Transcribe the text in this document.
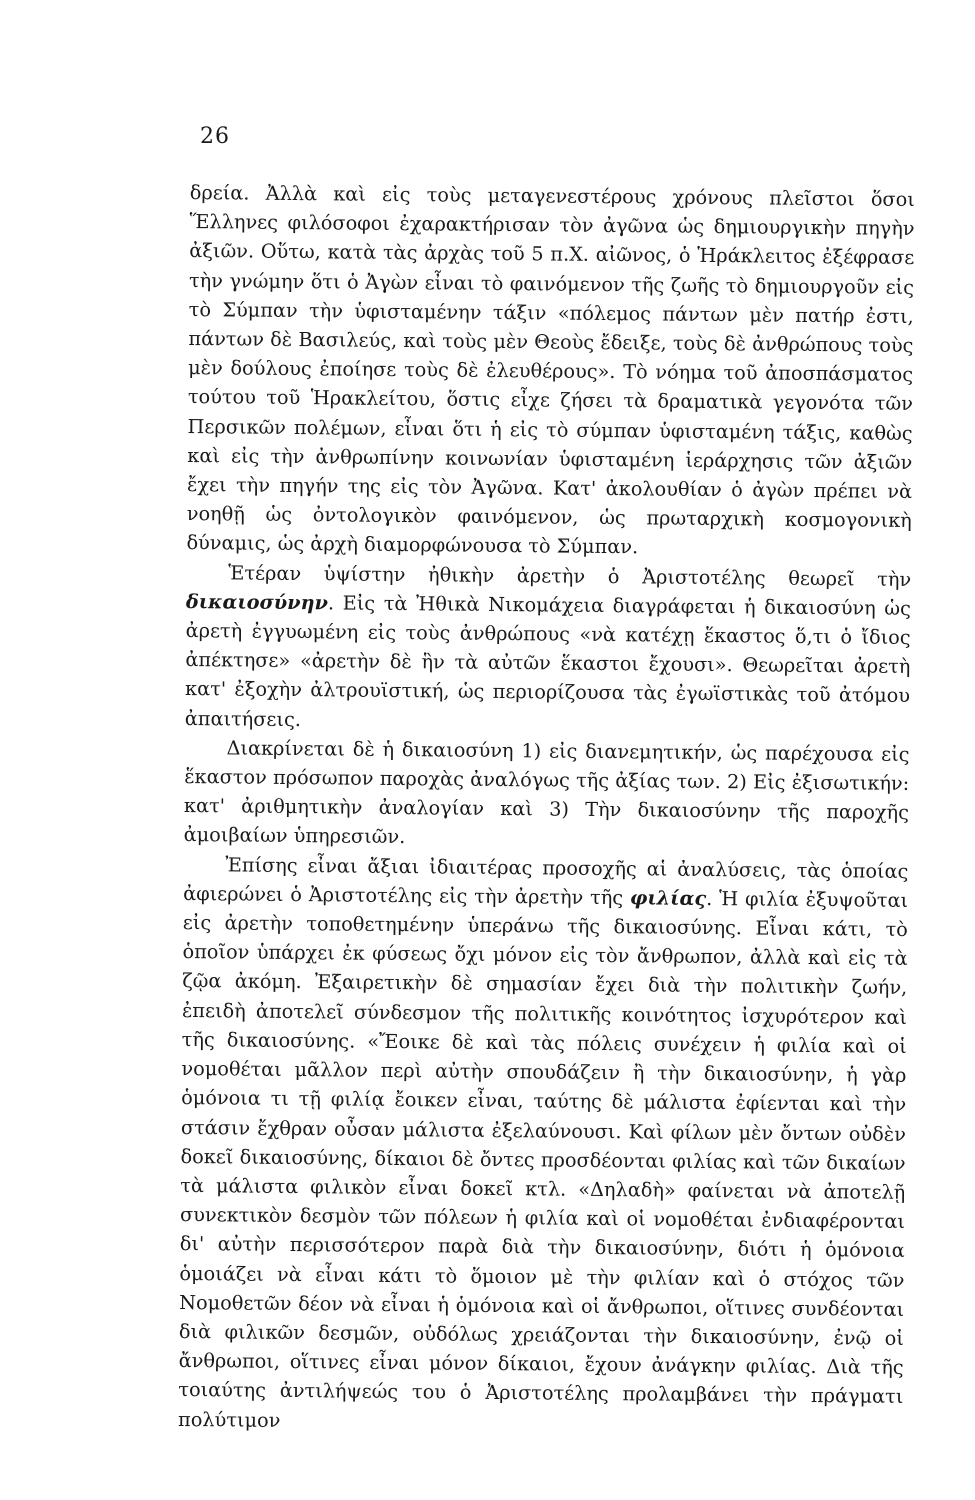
26

δρεία. Ἀλλὰ καὶ εἰς τοὺς μεταγενεστέρους χρόνους πλεῖστοι ὅσοι Ἕλληνες φιλόσοφοι ἐχαρακτήρισαν τὸν ἀγῶνα ὡς δημιουργικὴν πηγὴν ἀξιῶν. Οὕτω, κατὰ τὰς ἀρχὰς τοῦ 5 π.Χ. αἰῶνος, ὁ Ἡράκλειτος ἐξέφρασε τὴν γνώμην ὅτι ὁ Ἀγὼν εἶναι τὸ φαινόμενον τῆς ζωῆς τὸ δημιουργοῦν εἰς τὸ Σύμπαν τὴν ὑφισταμένην τάξιν «πόλεμος πάντων μὲν πατήρ ἐστι, πάντων δὲ Βασιλεύς, καὶ τοὺς μὲν Θεοὺς ἔδειξε, τοὺς δὲ ἀνθρώπους τοὺς μὲν δούλους ἐποίησε τοὺς δὲ ἐλευθέρους». Τὸ νόημα τοῦ ἀποσπάσματος τούτου τοῦ Ἡρακλείτου, ὅστις εἶχε ζήσει τὰ δραματικὰ γεγονότα τῶν Περσικῶν πολέμων, εἶναι ὅτι ἡ εἰς τὸ σύμπαν ὑφισταμένη τάξις, καθὼς καὶ εἰς τὴν ἀνθρωπίνην κοινωνίαν ὑφισταμένη ἱεράρχησις τῶν ἀξιῶν ἔχει τὴν πηγήν της εἰς τὸν Ἀγῶνα. Κατ' ἀκολουθίαν ὁ ἀγὼν πρέπει νὰ νοηθῇ ὡς ὀντολογικὸν φαινόμενον, ὡς πρωταρχικὴ κοσμογονικὴ δύναμις, ὡς ἀρχὴ διαμορφώνουσα τὸ Σύμπαν.

Ἑτέραν ὑψίστην ἠθικὴν ἀρετὴν ὁ Ἀριστοτέλης θεωρεῖ τὴν δικαιοσύνην. Εἰς τὰ Ἠθικὰ Νικομάχεια διαγράφεται ἡ δικαιοσύνη ὡς ἀρετὴ ἐγγυωμένη εἰς τοὺς ἀνθρώπους «νὰ κατέχῃ ἕκαστος ὅ,τι ὁ ἴδιος ἀπέκτησε» «ἀρετὴν δὲ ἣν τὰ αὐτῶν ἕκαστοι ἔχουσι». Θεωρεῖται ἀρετὴ κατ' ἐξοχὴν ἀλτρουϊστική, ὡς περιορίζουσα τὰς ἐγωϊστικὰς τοῦ ἀτόμου ἀπαιτήσεις.

Διακρίνεται δὲ ἡ δικαιοσύνη 1) εἰς διανεμητικήν, ὡς παρέχουσα εἰς ἕκαστον πρόσωπον παροχὰς ἀναλόγως τῆς ἀξίας των. 2) Εἰς ἐξισωτικήν: κατ' ἀριθμητικὴν ἀναλογίαν καὶ 3) Τὴν δικαιοσύνην τῆς παροχῆς ἀμοιβαίων ὑπηρεσιῶν.

Ἐπίσης εἶναι ἄξιαι ἰδιαιτέρας προσοχῆς αἱ ἀναλύσεις, τὰς ὁποίας ἀφιερώνει ὁ Ἀριστοτέλης εἰς τὴν ἀρετὴν τῆς φιλίας. Ἡ φιλία ἐξυψοῦται εἰς ἀρετὴν τοποθετημένην ὑπεράνω τῆς δικαιοσύνης. Εἶναι κάτι, τὸ ὁποῖον ὑπάρχει ἐκ φύσεως ὄχι μόνον εἰς τὸν ἄνθρωπον, ἀλλὰ καὶ εἰς τὰ ζῷα ἀκόμη. Ἐξαιρετικὴν δὲ σημασίαν ἔχει διὰ τὴν πολιτικὴν ζωήν, ἐπειδὴ ἀποτελεῖ σύνδεσμον τῆς πολιτικῆς κοινότητος ἰσχυρότερον καὶ τῆς δικαιοσύνης. «Ἔοικε δὲ καὶ τὰς πόλεις συνέχειν ἡ φιλία καὶ οἱ νομοθέται μᾶλλον περὶ αὐτὴν σπουδάζειν ἢ τὴν δικαιοσύνην, ἡ γὰρ ὁμόνοια τι τῇ φιλίᾳ ἔοικεν εἶναι, ταύτης δὲ μάλιστα ἐφίενται καὶ τὴν στάσιν ἔχθραν οὖσαν μάλιστα ἐξελαύνουσι. Καὶ φίλων μὲν ὄντων οὐδὲν δοκεῖ δικαιοσύνης, δίκαιοι δὲ ὄντες προσδέονται φιλίας καὶ τῶν δικαίων τὰ μάλιστα φιλικὸν εἶναι δοκεῖ κτλ. «Δηλαδὴ» φαίνεται νὰ ἀποτελῇ συνεκτικὸν δεσμὸν τῶν πόλεων ἡ φιλία καὶ οἱ νομοθέται ἐνδιαφέρονται δι' αὐτὴν περισσότερον παρὰ διὰ τὴν δικαιοσύνην, διότι ἡ ὁμόνοια ὁμοιάζει νὰ εἶναι κάτι τὸ ὅμοιον μὲ τὴν φιλίαν καὶ ὁ στόχος τῶν Νομοθετῶν δέον νὰ εἶναι ἡ ὁμόνοια καὶ οἱ ἄνθρωποι, οἵτινες συνδέονται διὰ φιλικῶν δεσμῶν, οὐδόλως χρειάζονται τὴν δικαιοσύνην, ἐνῷ οἱ ἄνθρωποι, οἵτινες εἶναι μόνον δίκαιοι, ἔχουν ἀνάγκην φιλίας. Διὰ τῆς τοιαύτης ἀντιλήψεώς του ὁ Ἀριστοτέλης προλαμβάνει τὴν πράγματι πολύτιμον
